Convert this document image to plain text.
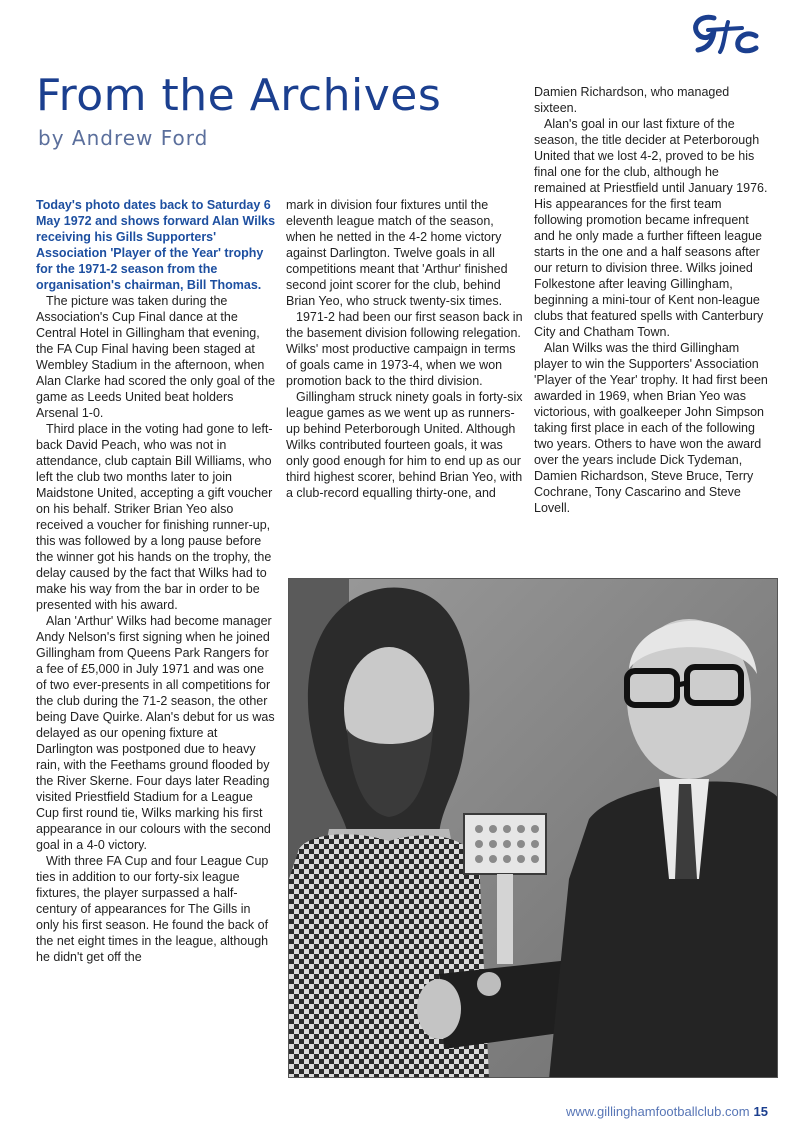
From the Archives
by Andrew Ford

Today's photo dates back to Saturday 6 May 1972 and shows forward Alan Wilks receiving his Gills Supporters' Association 'Player of the Year' trophy for the 1971-2 season from the organisation's chairman, Bill Thomas.

The picture was taken during the Association's Cup Final dance at the Central Hotel in Gillingham that evening, the FA Cup Final having been staged at Wembley Stadium in the afternoon, when Alan Clarke had scored the only goal of the game as Leeds United beat holders Arsenal 1-0.

Third place in the voting had gone to left-back David Peach, who was not in attendance, club captain Bill Williams, who left the club two months later to join Maidstone United, accepting a gift voucher on his behalf. Striker Brian Yeo also received a voucher for finishing runner-up, this was followed by a long pause before the winner got his hands on the trophy, the delay caused by the fact that Wilks had to make his way from the bar in order to be presented with his award.

Alan 'Arthur' Wilks had become manager Andy Nelson's first signing when he joined Gillingham from Queens Park Rangers for a fee of £5,000 in July 1971 and was one of two ever-presents in all competitions for the club during the 71-2 season, the other being Dave Quirke. Alan's debut for us was delayed as our opening fixture at Darlington was postponed due to heavy rain, with the Feethams ground flooded by the River Skerne. Four days later Reading visited Priestfield Stadium for a League Cup first round tie, Wilks marking his first appearance in our colours with the second goal in a 4-0 victory.

With three FA Cup and four League Cup ties in addition to our forty-six league fixtures, the player surpassed a half-century of appearances for The Gills in only his first season. He found the back of the net eight times in the league, although he didn't get off the

mark in division four fixtures until the eleventh league match of the season, when he netted in the 4-2 home victory against Darlington. Twelve goals in all competitions meant that 'Arthur' finished second joint scorer for the club, behind Brian Yeo, who struck twenty-six times.

1971-2 had been our first season back in the basement division following relegation. Wilks' most productive campaign in terms of goals came in 1973-4, when we won promotion back to the third division.

Gillingham struck ninety goals in forty-six league games as we went up as runners-up behind Peterborough United. Although Wilks contributed fourteen goals, it was only good enough for him to end up as our third highest scorer, behind Brian Yeo, with a club-record equalling thirty-one, and

Damien Richardson, who managed sixteen.

Alan's goal in our last fixture of the season, the title decider at Peterborough United that we lost 4-2, proved to be his final one for the club, although he remained at Priestfield until January 1976. His appearances for the first team following promotion became infrequent and he only made a further fifteen league starts in the one and a half seasons after our return to division three. Wilks joined Folkestone after leaving Gillingham, beginning a mini-tour of Kent non-league clubs that featured spells with Canterbury City and Chatham Town.

Alan Wilks was the third Gillingham player to win the Supporters' Association 'Player of the Year' trophy. It had first been awarded in 1969, when Brian Yeo was victorious, with goalkeeper John Simpson taking first place in each of the following two years. Others to have won the award over the years include Dick Tydeman, Damien Richardson, Steve Bruce, Terry Cochrane, Tony Cascarino and Steve Lovell.

www.gillinghamfootballclub.com 15
